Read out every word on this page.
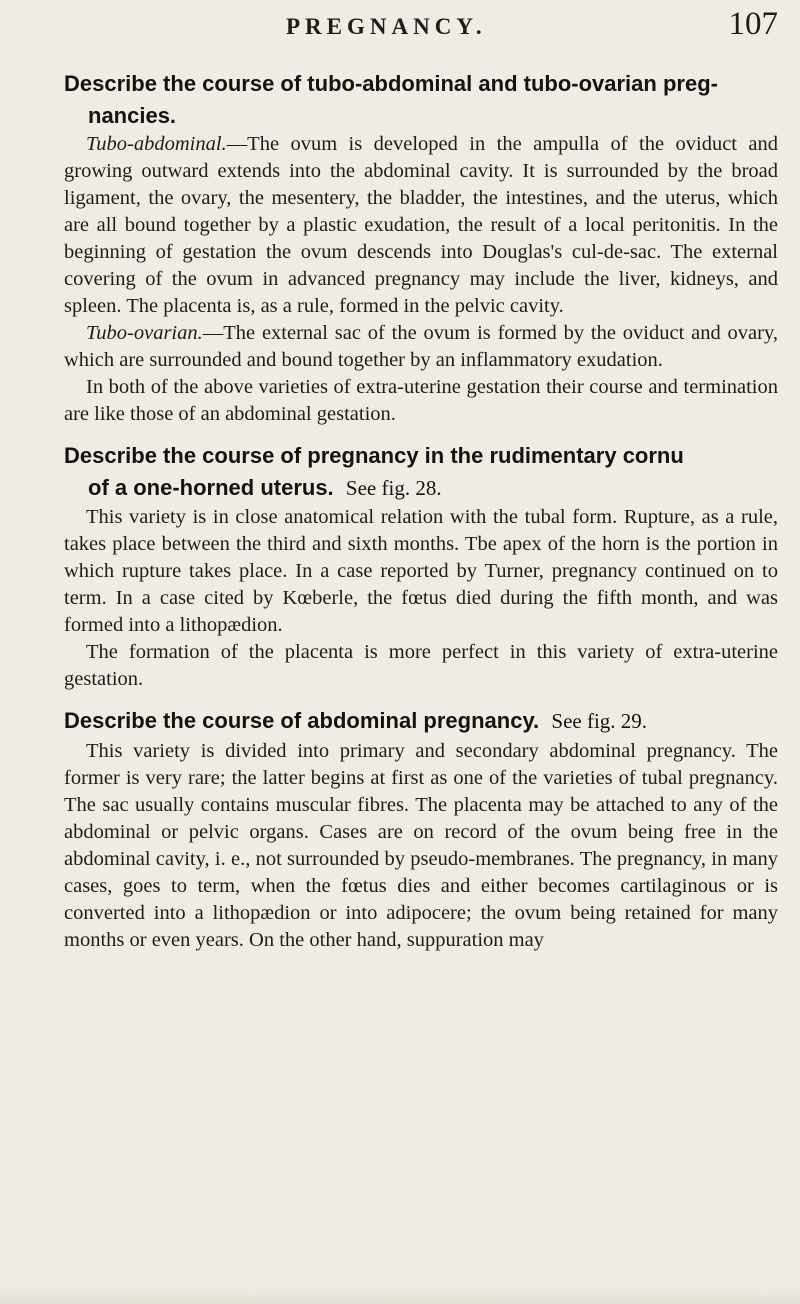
PREGNANCY.	107

Describe the course of tubo-abdominal and tubo-ovarian preg-
nancies.

Tubo-abdominal.—The ovum is developed in the ampulla of the oviduct and growing outward extends into the abdominal cavity. It is surrounded by the broad ligament, the ovary, the mesentery, the bladder, the intestines, and the uterus, which are all bound together by a plastic exudation, the result of a local peritonitis. In the beginning of gestation the ovum descends into Douglas's cul-de-sac. The external covering of the ovum in advanced pregnancy may include the liver, kidneys, and spleen. The placenta is, as a rule, formed in the pelvic cavity.

Tubo-ovarian.—The external sac of the ovum is formed by the oviduct and ovary, which are surrounded and bound together by an inflammatory exudation.

In both of the above varieties of extra-uterine gestation their course and termination are like those of an abdominal gestation.

Describe the course of pregnancy in the rudimentary cornu
of a one-horned uterus. See fig. 28.

This variety is in close anatomical relation with the tubal form. Rupture, as a rule, takes place between the third and sixth months. Tbe apex of the horn is the portion in which rupture takes place. In a case reported by Turner, pregnancy continued on to term. In a case cited by Kœberle, the fœtus died during the fifth month, and was formed into a lithopædion.

The formation of the placenta is more perfect in this variety of extra-uterine gestation.

Describe the course of abdominal pregnancy. See fig. 29.

This variety is divided into primary and secondary abdominal pregnancy. The former is very rare; the latter begins at first as one of the varieties of tubal pregnancy. The sac usually contains muscular fibres. The placenta may be attached to any of the abdominal or pelvic organs. Cases are on record of the ovum being free in the abdominal cavity, i. e., not surrounded by pseudo-membranes. The pregnancy, in many cases, goes to term, when the fœtus dies and either becomes cartilaginous or is converted into a lithopædion or into adipocere; the ovum being retained for many months or even years. On the other hand, suppuration may
